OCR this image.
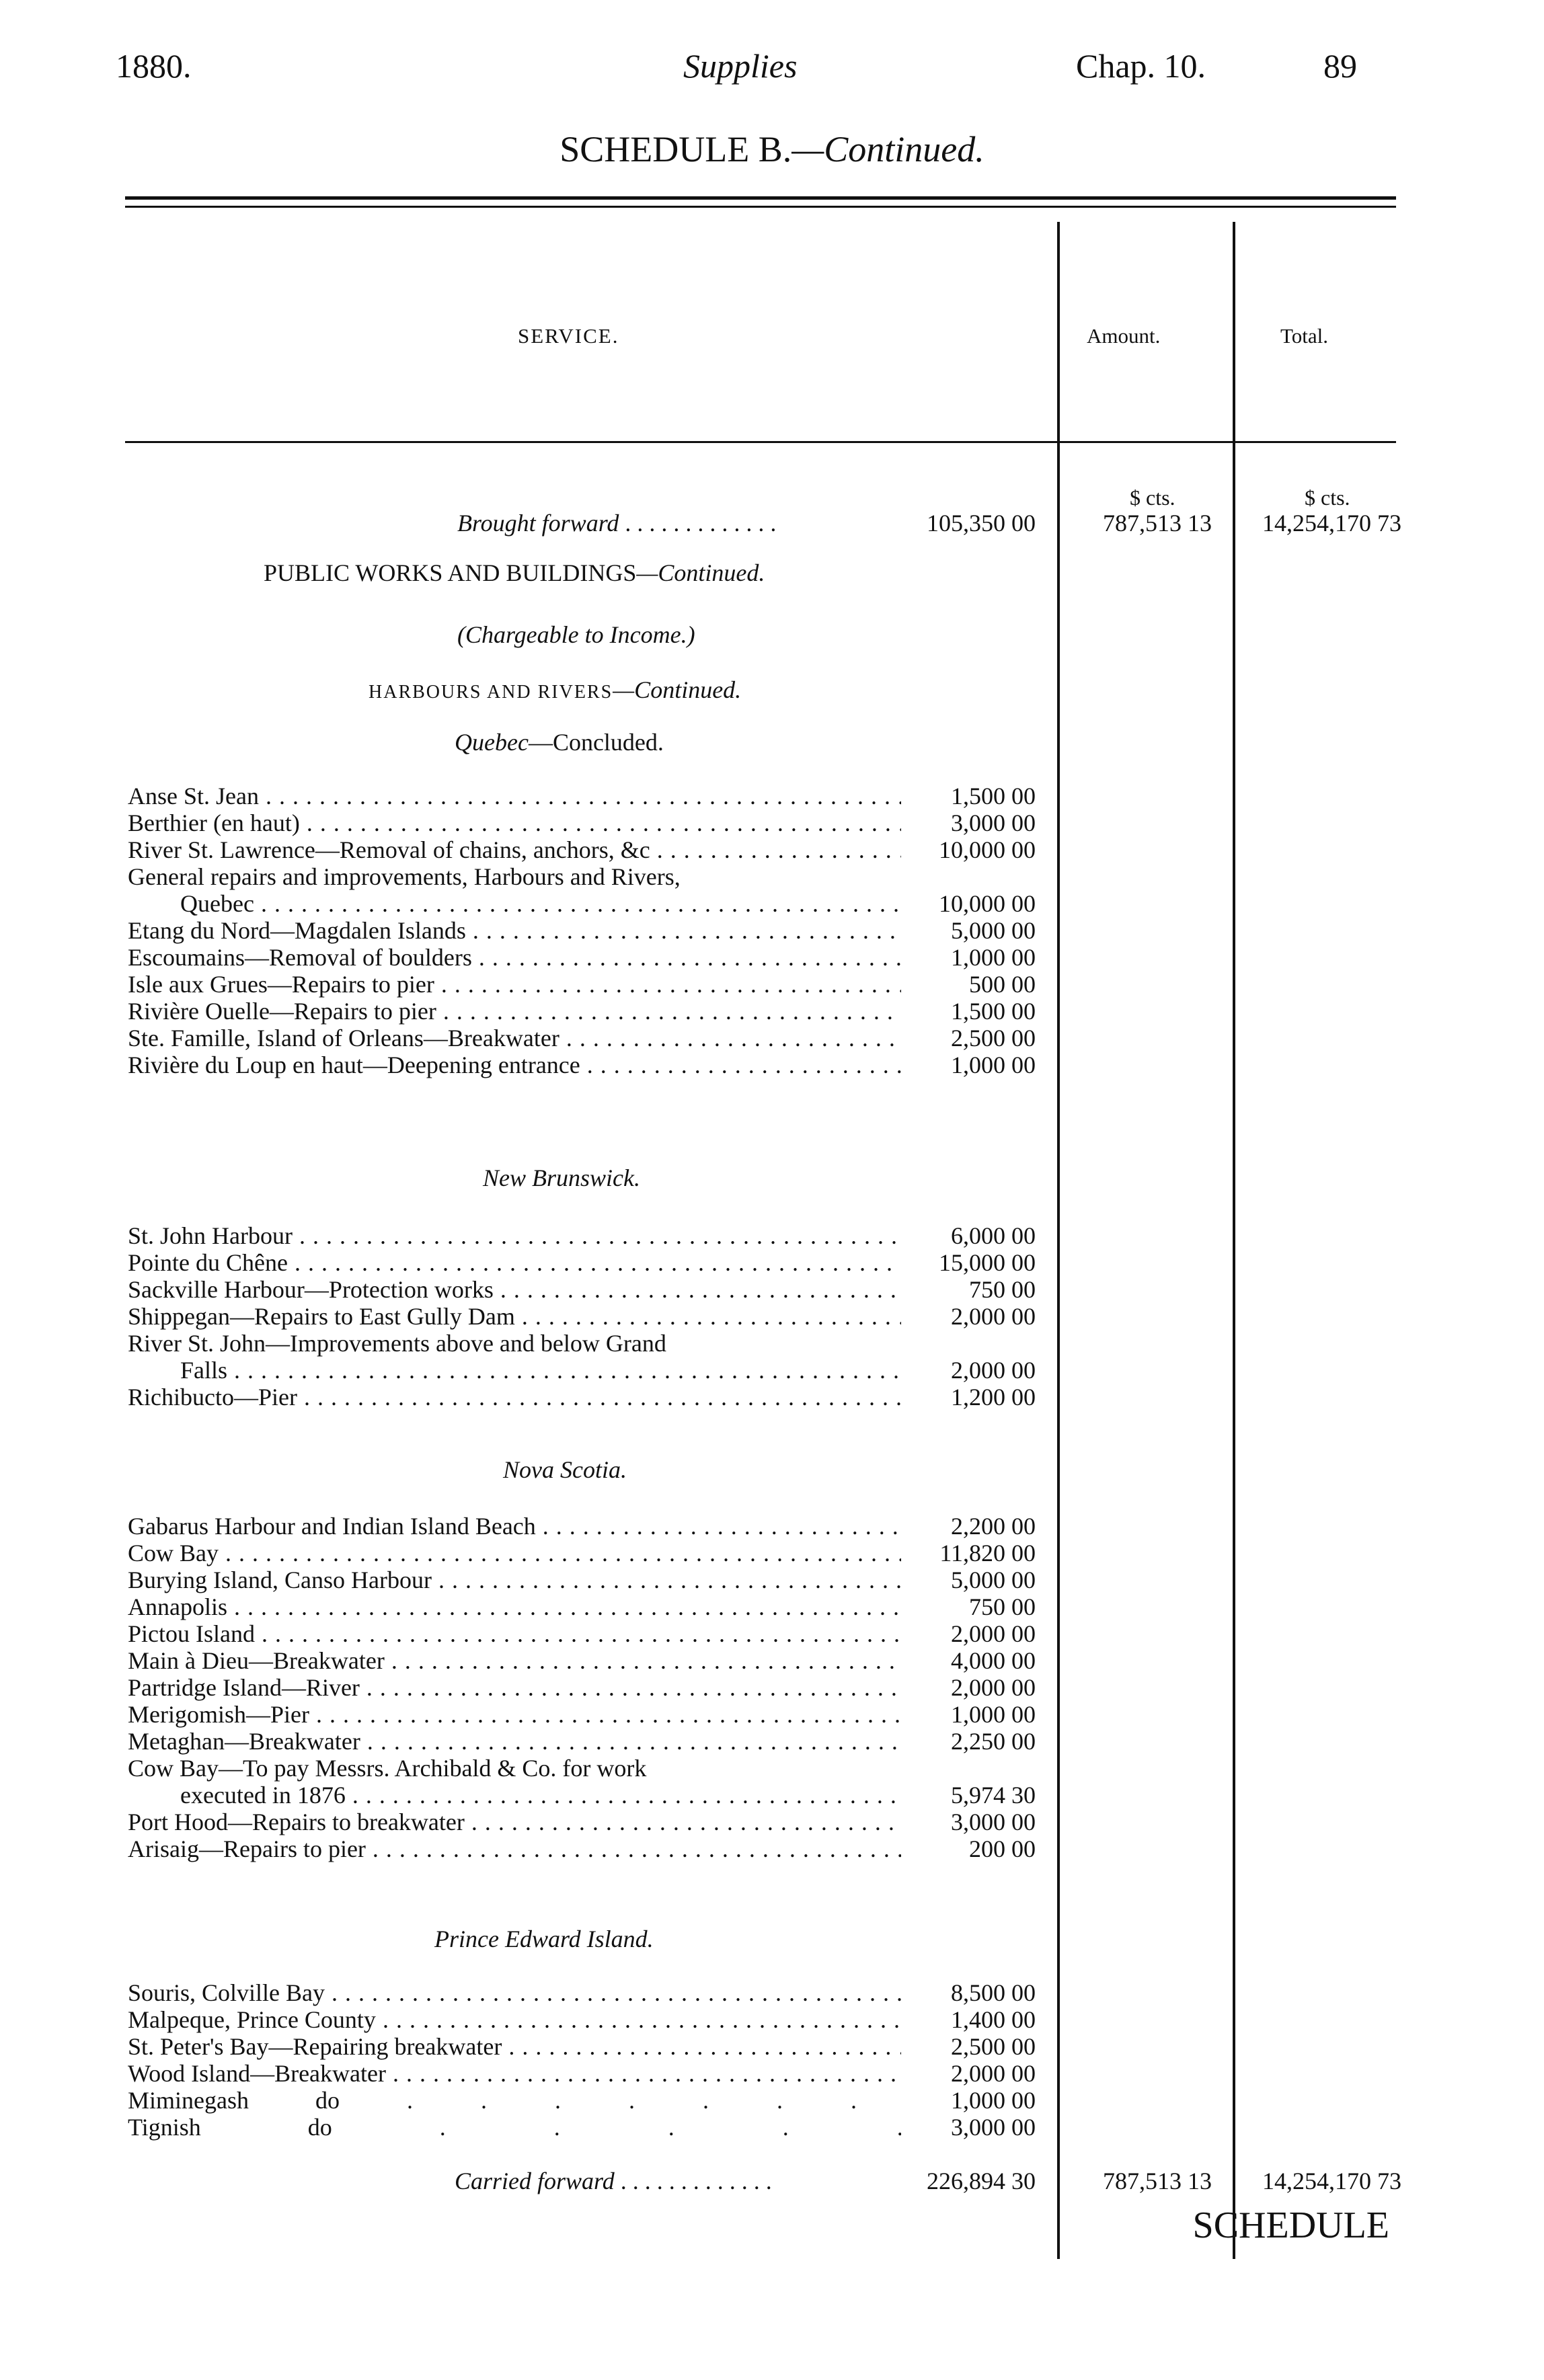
1880.	Supplies	Chap. 10.	89
SCHEDULE B.—Continued.
SERVICE.	Amount.	Total.
$ cts.	$ cts.
Brought forward . . . . . . . . . . . . .	105,350 00	787,513 13	14,254,170 73
PUBLIC WORKS AND BUILDINGS—Continued.
(Chargeable to Income.)
HARBOURS AND RIVERS—Continued.
Quebec—Concluded.
Anse St. Jean . . .	1,500 00
Berthier (en haut) . . .	3,000 00
River St. Lawrence—Removal of chains, anchors, &c . . .	10,000 00
General repairs and improvements, Harbours and Rivers,
Quebec . . .	10,000 00
Etang du Nord—Magdalen Islands . . .	5,000 00
Escoumains—Removal of boulders . . .	1,000 00
Isle aux Grues—Repairs to pier . . .	500 00
Rivière Ouelle—Repairs to pier . . .	1,500 00
Ste. Famille, Island of Orleans—Breakwater . . .	2,500 00
Rivière du Loup en haut—Deepening entrance . . .	1,000 00
New Brunswick.
St. John Harbour . . .	6,000 00
Pointe du Chêne . . .	15,000 00
Sackville Harbour—Protection works . . .	750 00
Shippegan—Repairs to East Gully Dam . . .	2,000 00
River St. John—Improvements above and below Grand
Falls . . .	2,000 00
Richibucto—Pier . . .	1,200 00
Nova Scotia.
Gabarus Harbour and Indian Island Beach . . .	2,200 00
Cow Bay . . .	11,820 00
Burying Island, Canso Harbour . . .	5,000 00
Annapolis . . .	750 00
Pictou Island . . .	2,000 00
Main à Dieu—Breakwater . . .	4,000 00
Partridge Island—River . . .	2,000 00
Merigomish—Pier . . .	1,000 00
Metaghan—Breakwater . . .	2,250 00
Cow Bay—To pay Messrs. Archibald & Co. for work
executed in 1876 . . .	5,974 30
Port Hood—Repairs to breakwater . . .	3,000 00
Arisaig—Repairs to pier . . .	200 00
Prince Edward Island.
Souris, Colville Bay . . .	8,500 00
Malpeque, Prince County . . .	1,400 00
St. Peter's Bay—Repairing breakwater . . .	2,500 00
Wood Island—Breakwater . . .	2,000 00
Miminegash do . . .	1,000 00
Tignish do . . .	3,000 00
Carried forward . . . . . . . . . . . . .	226,894 30	787,513 13	14,254,170 73
SCHEDULE
